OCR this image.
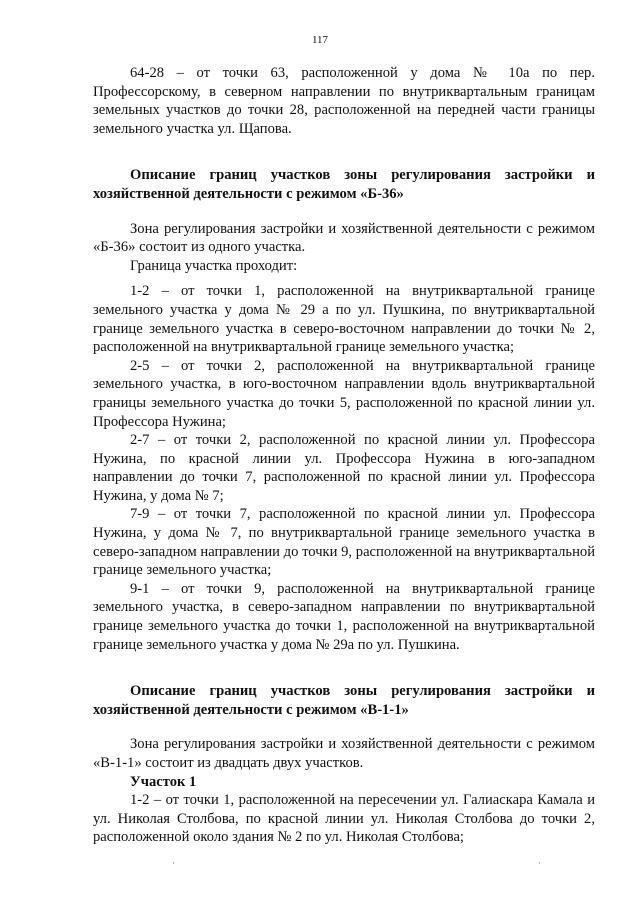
117

64-28 – от точки 63, расположенной у дома № 10а по пер. Профессорскому, в северном направлении по внутриквартальным границам земельных участков до точки 28, расположенной на передней части границы земельного участка ул. Щапова.

Описание границ участков зоны регулирования застройки и хозяйственной деятельности с режимом «Б-36»

Зона регулирования застройки и хозяйственной деятельности с режимом «Б-36» состоит из одного участка.

Граница участка проходит:

1-2 – от точки 1, расположенной на внутриквартальной границе земельного участка у дома № 29 а по ул. Пушкина, по внутриквартальной границе земельного участка в северо-восточном направлении до точки № 2, расположенной на внутриквартальной границе земельного участка;

2-5 – от точки 2, расположенной на внутриквартальной границе земельного участка, в юго-восточном направлении вдоль внутриквартальной границы земельного участка до точки 5, расположенной по красной линии ул. Профессора Нужина;

2-7 – от точки 2, расположенной по красной линии ул. Профессора Нужина, по красной линии ул. Профессора Нужина в юго-западном направлении до точки 7, расположенной по красной линии ул. Профессора Нужина, у дома № 7;

7-9 – от точки 7, расположенной по красной линии ул. Профессора Нужина, у дома № 7, по внутриквартальной границе земельного участка в северо-западном направлении до точки 9, расположенной на внутриквартальной границе земельного участка;

9-1 – от точки 9, расположенной на внутриквартальной границе земельного участка, в северо-западном направлении по внутриквартальной границе земельного участка до точки 1, расположенной на внутриквартальной границе земельного участка у дома № 29а по ул. Пушкина.

Описание границ участков зоны регулирования застройки и хозяйственной деятельности с режимом «В-1-1»

Зона регулирования застройки и хозяйственной деятельности с режимом «В-1-1» состоит из двадцать двух участков.

Участок 1

1-2 – от точки 1, расположенной на пересечении ул. Галиаскара Камала и ул. Николая Столбова, по красной линии ул. Николая Столбова до точки 2, расположенной около здания № 2 по ул. Николая Столбова;

·	·
